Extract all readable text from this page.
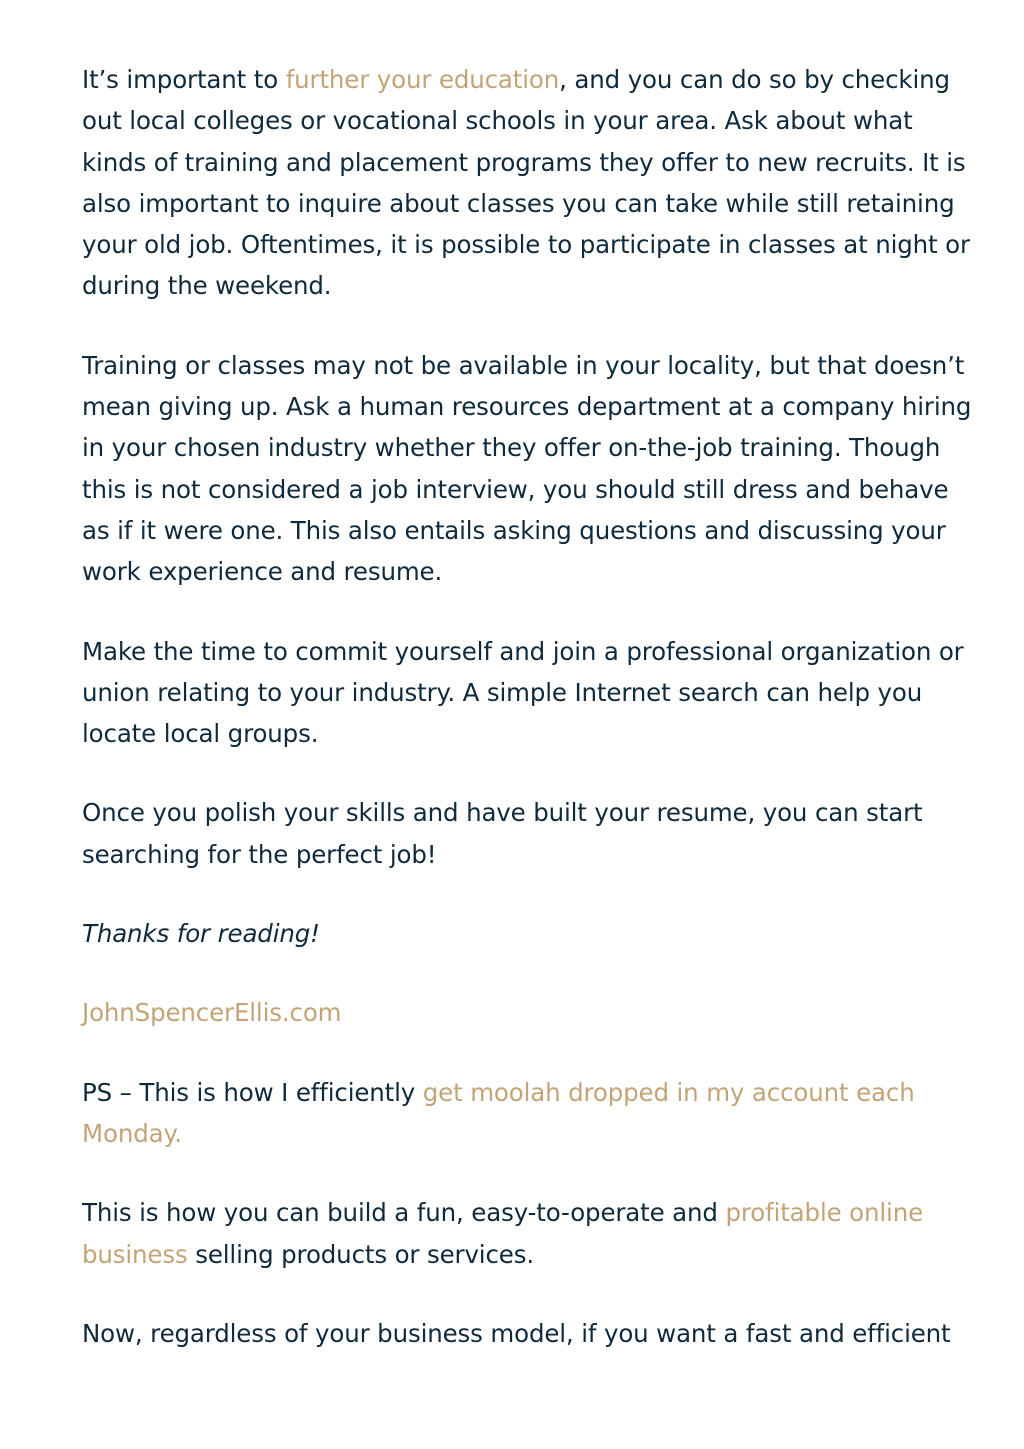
It’s important to further your education, and you can do so by checking out local colleges or vocational schools in your area. Ask about what kinds of training and placement programs they offer to new recruits. It is also important to inquire about classes you can take while still retaining your old job. Oftentimes, it is possible to participate in classes at night or during the weekend.

Training or classes may not be available in your locality, but that doesn’t mean giving up. Ask a human resources department at a company hiring in your chosen industry whether they offer on-the-job training. Though this is not considered a job interview, you should still dress and behave as if it were one. This also entails asking questions and discussing your work experience and resume.

Make the time to commit yourself and join a professional organization or union relating to your industry. A simple Internet search can help you locate local groups.

Once you polish your skills and have built your resume, you can start searching for the perfect job!

Thanks for reading!

JohnSpencerEllis.com

PS – This is how I efficiently get moolah dropped in my account each Monday.

This is how you can build a fun, easy-to-operate and profitable online business selling products or services.

Now, regardless of your business model, if you want a fast and efficient
